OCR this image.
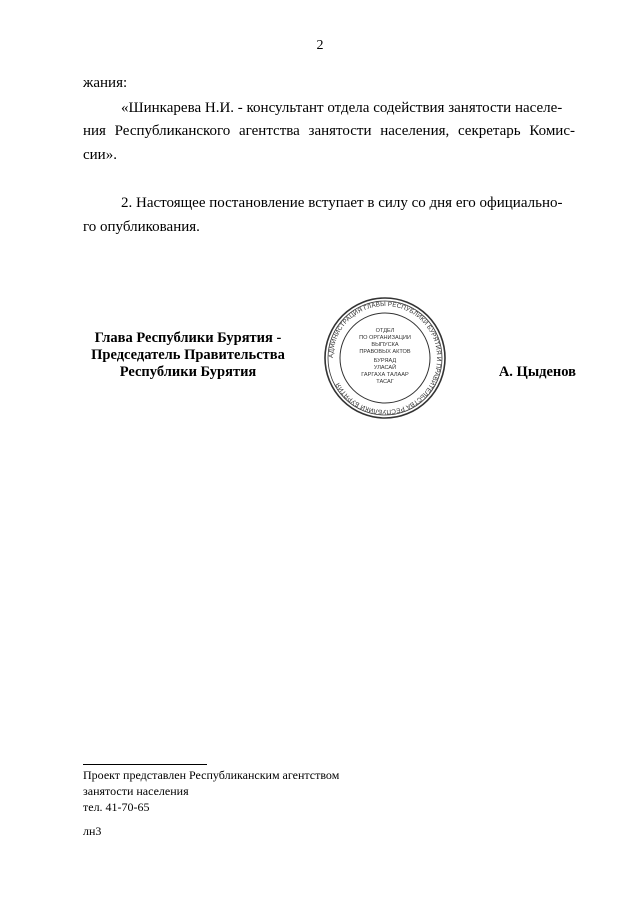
2
жания:
«Шинкарева Н.И. - консультант отдела содействия занятости населе-
ния Республиканского агентства занятости населения, секретарь Комис-
сии».
2. Настоящее постановление вступает в силу со дня его официально-
го опубликования.
Глава Республики Бурятия -
Председатель Правительства
Республики Бурятия
АДМИНИСТРАЦИЯ ГЛАВЫ РЕСПУБЛИКИ БУРЯТИЯ И ПРАВИТЕЛЬСТВА РЕСПУБЛИКИ БУРЯТИЯ
ОТДЕЛ
ПО ОРГАНИЗАЦИИ
ВЫПУСКА
ПРАВОВЫХ АКТОВ
БУРЯАД
УЛАСАЙ
ГАРГАХА ТАЛААР
ТАСАГ
А. Цыденов
Проект представлен Республиканским агентством
занятости населения
тел. 41-70-65
лн3
